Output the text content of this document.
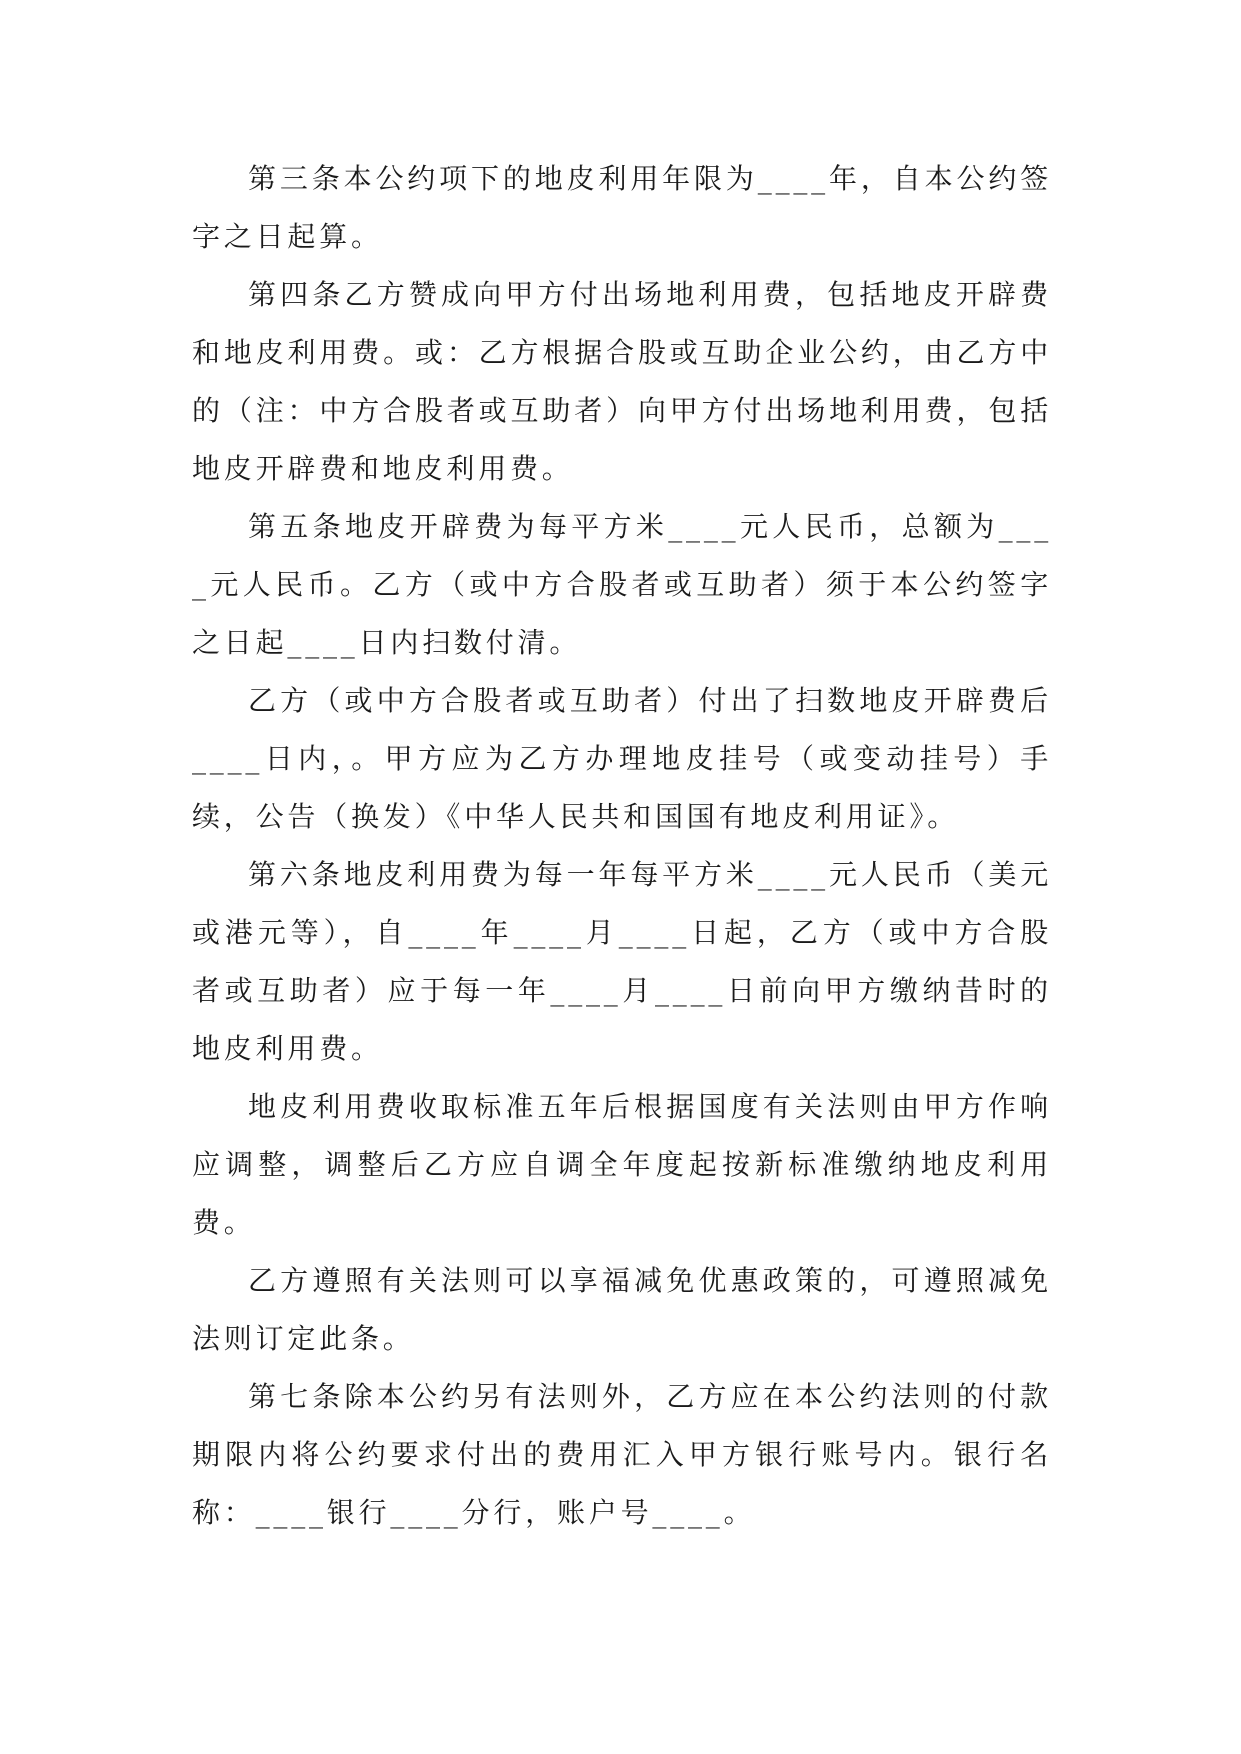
第三条本公约项下的地皮利用年限为____年，自本公约签字之日起算。

第四条乙方赞成向甲方付出场地利用费，包括地皮开辟费和地皮利用费。或：乙方根据合股或互助企业公约，由乙方中的（注：中方合股者或互助者）向甲方付出场地利用费，包括地皮开辟费和地皮利用费。

第五条地皮开辟费为每平方米____元人民币，总额为____元人民币。乙方（或中方合股者或互助者）须于本公约签字之日起____日内扫数付清。

乙方（或中方合股者或互助者）付出了扫数地皮开辟费后____日内，。甲方应为乙方办理地皮挂号（或变动挂号）手续，公告（换发）《中华人民共和国国有地皮利用证》。

第六条地皮利用费为每一年每平方米____元人民币（美元或港元等），自____年____月____日起，乙方（或中方合股者或互助者）应于每一年____月____日前向甲方缴纳昔时的地皮利用费。

地皮利用费收取标准五年后根据国度有关法则由甲方作响应调整，调整后乙方应自调全年度起按新标准缴纳地皮利用费。

乙方遵照有关法则可以享福减免优惠政策的，可遵照减免法则订定此条。

第七条除本公约另有法则外，乙方应在本公约法则的付款期限内将公约要求付出的费用汇入甲方银行账号内。银行名称：____银行____分行，账户号____。
